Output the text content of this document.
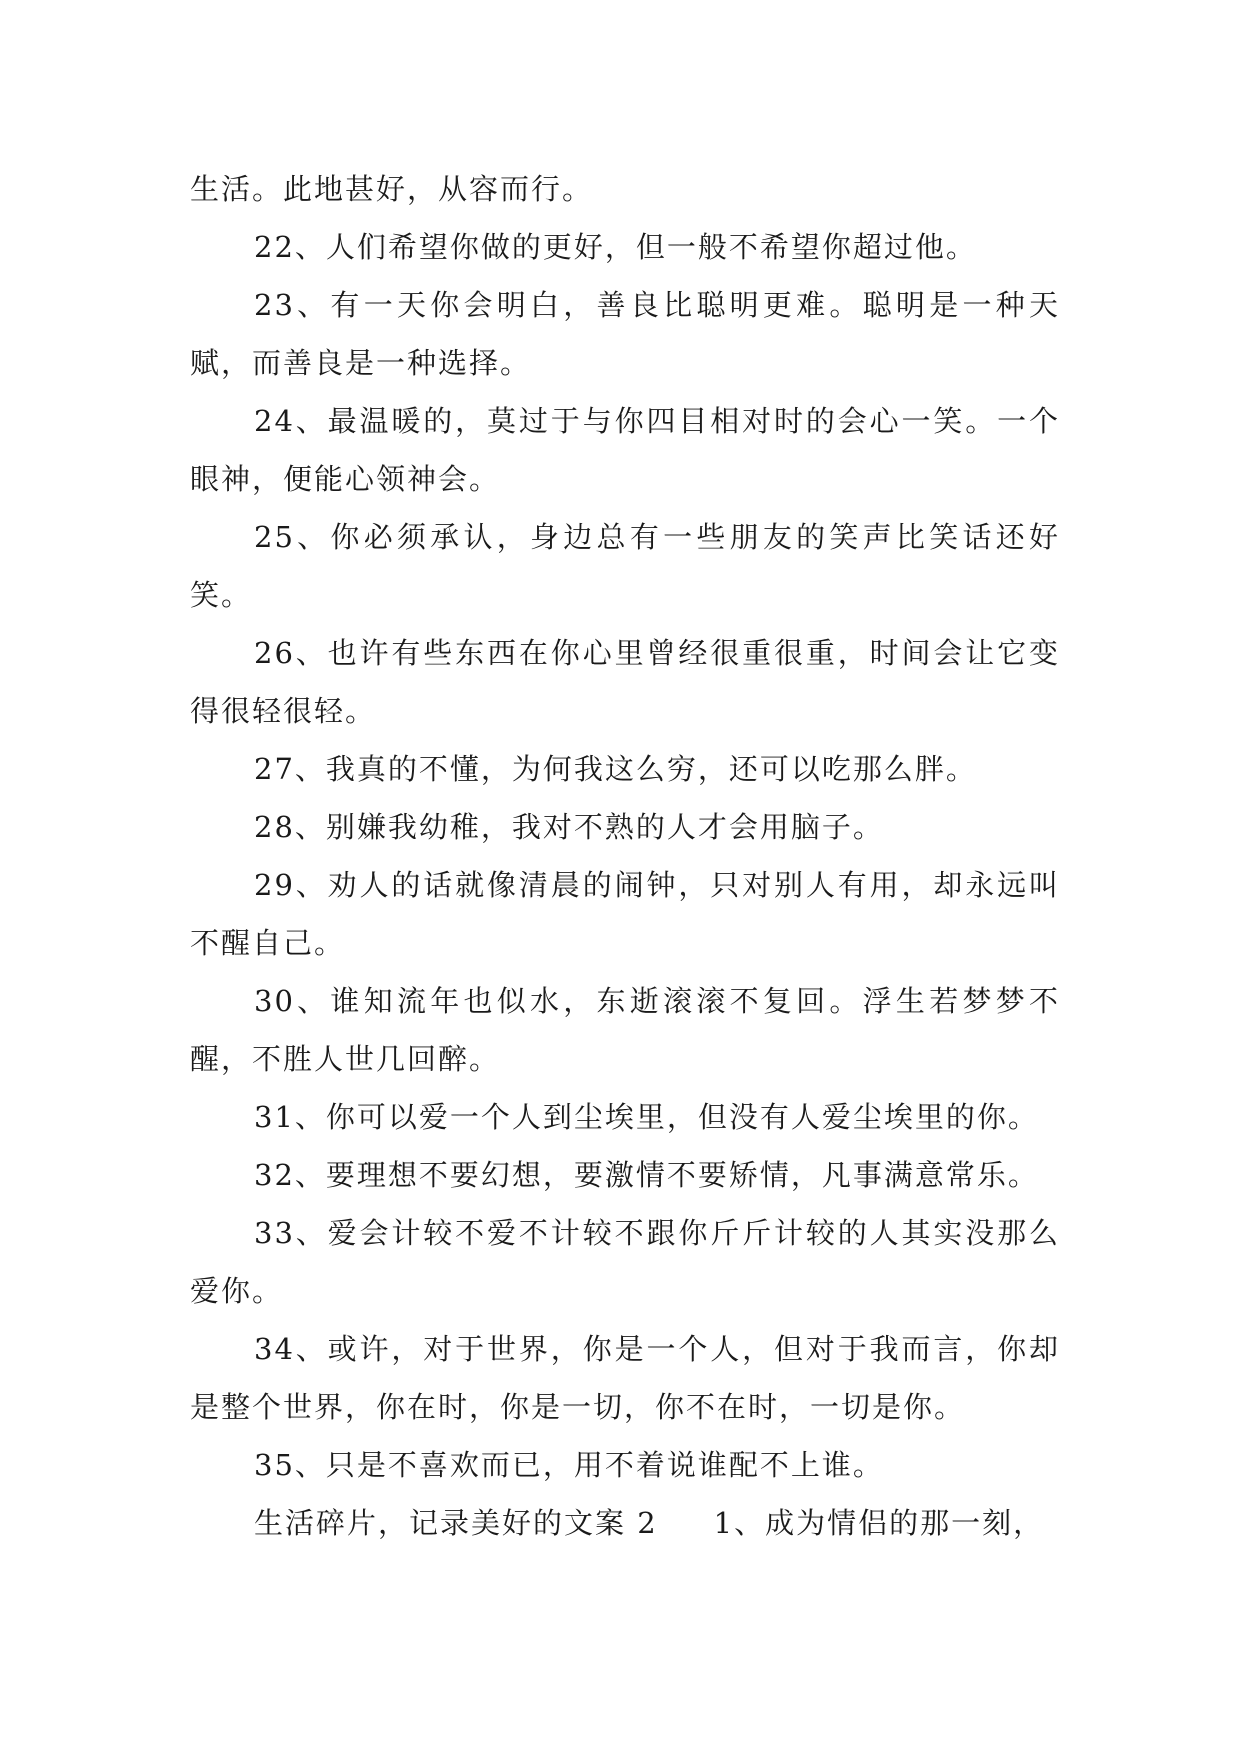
生活。此地甚好，从容而行。

22、人们希望你做的更好，但一般不希望你超过他。

23、有一天你会明白，善良比聪明更难。聪明是一种天赋，而善良是一种选择。

24、最温暖的，莫过于与你四目相对时的会心一笑。一个眼神，便能心领神会。

25、你必须承认，身边总有一些朋友的笑声比笑话还好笑。

26、也许有些东西在你心里曾经很重很重，时间会让它变得很轻很轻。

27、我真的不懂，为何我这么穷，还可以吃那么胖。

28、别嫌我幼稚，我对不熟的人才会用脑子。

29、劝人的话就像清晨的闹钟，只对别人有用，却永远叫不醒自己。

30、谁知流年也似水，东逝滚滚不复回。浮生若梦梦不醒，不胜人世几回醉。

31、你可以爱一个人到尘埃里，但没有人爱尘埃里的你。

32、要理想不要幻想，要激情不要矫情，凡事满意常乐。

33、爱会计较不爱不计较不跟你斤斤计较的人其实没那么爱你。

34、或许，对于世界，你是一个人，但对于我而言，你却是整个世界，你在时，你是一切，你不在时，一切是你。

35、只是不喜欢而已，用不着说谁配不上谁。

生活碎片，记录美好的文案 2 1、成为情侣的那一刻，
